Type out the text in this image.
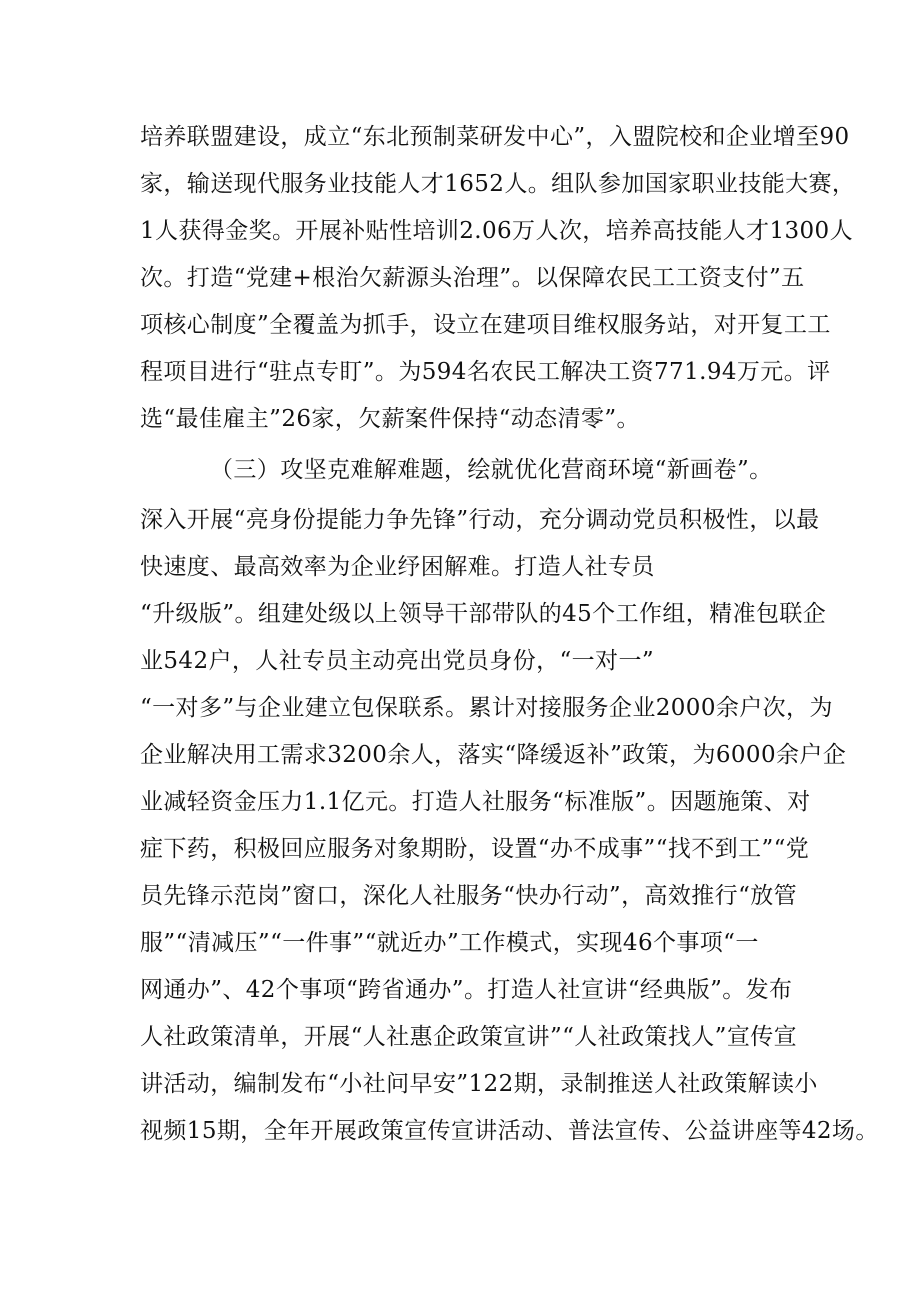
培养联盟建设，成立“东北预制菜研发中心”，入盟院校和企业增至90
家，输送现代服务业技能人才1652人。组队参加国家职业技能大赛，
1人获得金奖。开展补贴性培训2.06万人次，培养高技能人才1300人
次。打造“党建+根治欠薪源头治理”。以保障农民工工资支付”五
项核心制度”全覆盖为抓手，设立在建项目维权服务站，对开复工工
程项目进行“驻点专盯”。为594名农民工解决工资771.94万元。评
选“最佳雇主”26家，欠薪案件保持“动态清零”。
（三）攻坚克难解难题，绘就优化营商环境“新画卷”。
深入开展“亮身份提能力争先锋”行动，充分调动党员积极性，以最
快速度、最高效率为企业纾困解难。打造人社专员
“升级版”。组建处级以上领导干部带队的45个工作组，精准包联企
业542户，人社专员主动亮出党员身份，“一对一”
“一对多”与企业建立包保联系。累计对接服务企业2000余户次，为
企业解决用工需求3200余人，落实“降缓返补”政策，为6000余户企
业减轻资金压力1.1亿元。打造人社服务“标准版”。因题施策、对
症下药，积极回应服务对象期盼，设置“办不成事”“找不到工”“党
员先锋示范岗”窗口，深化人社服务“快办行动”，高效推行“放管
服”“清减压”“一件事”“就近办”工作模式，实现46个事项“一
网通办”、42个事项“跨省通办”。打造人社宣讲“经典版”。发布
人社政策清单，开展“人社惠企政策宣讲”“人社政策找人”宣传宣
讲活动，编制发布“小社问早安”122期，录制推送人社政策解读小
视频15期，全年开展政策宣传宣讲活动、普法宣传、公益讲座等42场。
